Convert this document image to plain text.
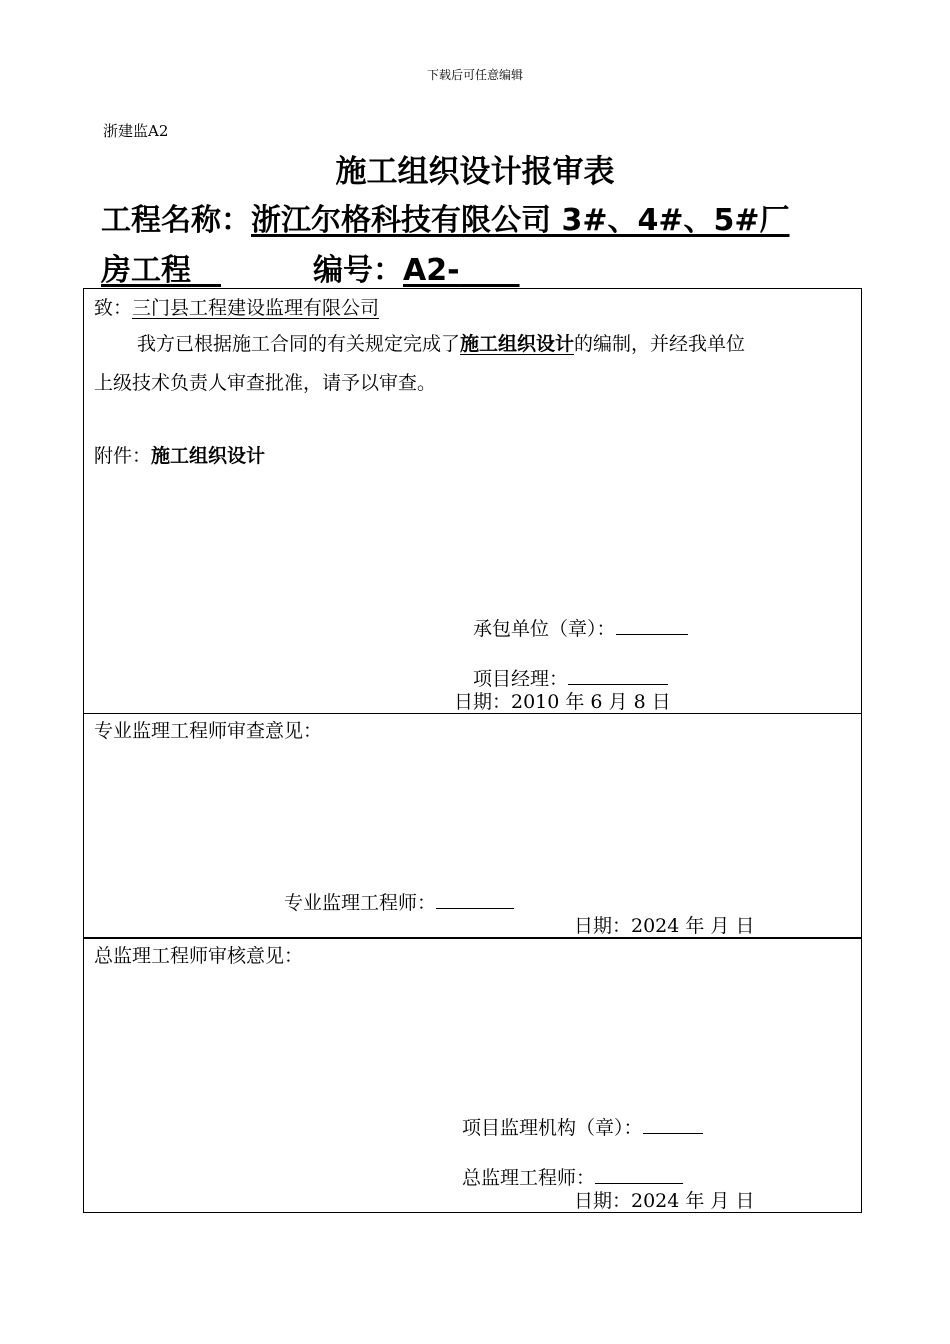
下载后可任意编辑
浙建监A2
施工组织设计报审表
工程名称：浙江尔格科技有限公司 3#、4#、5#厂
房工程 	编号：A2-  
致：三门县工程建设监理有限公司
我方已根据施工合同的有关规定完成了施工组织设计的编制，并经我单位
上级技术负责人审查批准，请予以审查。
附件：施工组织设计
承包单位（章）：
项目经理：
日期：2010 年 6 月 8 日
专业监理工程师审查意见：
专业监理工程师：
日期：2024 年 月 日
总监理工程师审核意见：
项目监理机构（章）：
总监理工程师：
日期：2024 年 月 日
